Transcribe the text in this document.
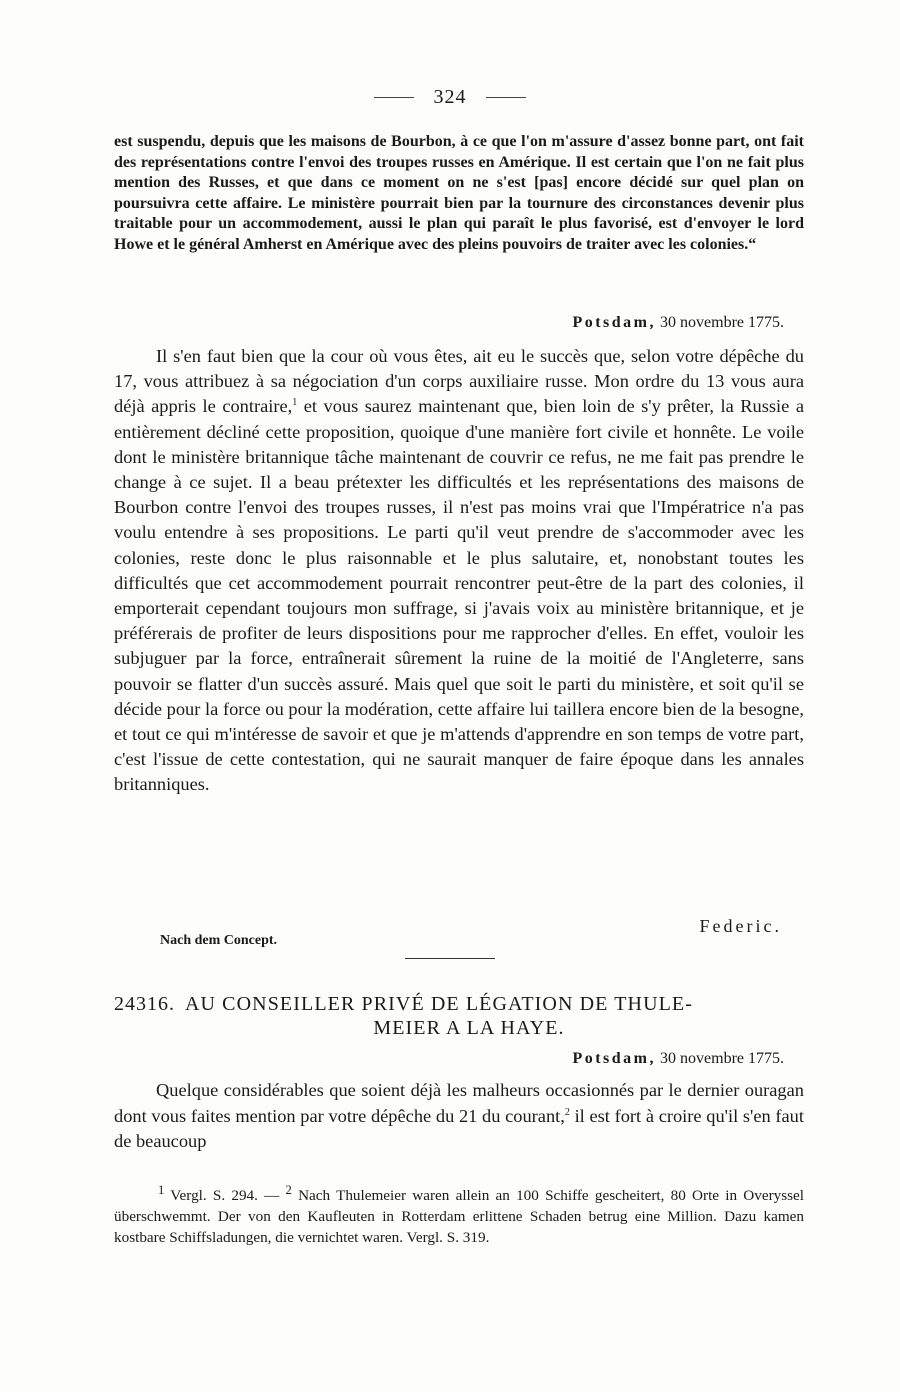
324
est suspendu, depuis que les maisons de Bourbon, à ce que l'on m'assure d'assez bonne part, ont fait des représentations contre l'envoi des troupes russes en Amérique. Il est certain que l'on ne fait plus mention des Russes, et que dans ce moment on ne s'est [pas] encore décidé sur quel plan on poursuivra cette affaire. Le ministère pourrait bien par la tournure des circonstances devenir plus traitable pour un accommodement, aussi le plan qui paraît le plus favorisé, est d'envoyer le lord Howe et le général Amherst en Amérique avec des pleins pouvoirs de traiter avec les colonies.“
Potsdam, 30 novembre 1775.

Il s'en faut bien que la cour où vous êtes, ait eu le succès que, selon votre dépêche du 17, vous attribuez à sa négociation d'un corps auxiliaire russe. Mon ordre du 13 vous aura déjà appris le contraire,$^1$ et vous saurez maintenant que, bien loin de s'y prêter, la Russie a entièrement décliné cette proposition, quoique d'une manière fort civile et honnête. Le voile dont le ministère britannique tâche maintenant de couvrir ce refus, ne me fait pas prendre le change à ce sujet. Il a beau prétexter les difficultés et les représentations des maisons de Bourbon contre l'envoi des troupes russes, il n'est pas moins vrai que l'Impératrice n'a pas voulu entendre à ses propositions. Le parti qu'il veut prendre de s'accommoder avec les colonies, reste donc le plus raisonnable et le plus salutaire, et, nonobstant toutes les difficultés que cet accommodement pourrait rencontrer peut-être de la part des colonies, il emporterait cependant toujours mon suffrage, si j'avais voix au ministère britannique, et je préférerais de profiter de leurs dispositions pour me rapprocher d'elles. En effet, vouloir les subjuguer par la force, entraînerait sûrement la ruine de la moitié de l'Angleterre, sans pouvoir se flatter d'un succès assuré. Mais quel que soit le parti du ministère, et soit qu'il se décide pour la force ou pour la modération, cette affaire lui taillera encore bien de la besogne, et tout ce qui m'intéresse de savoir et que je m'attends d'apprendre en son temps de votre part, c'est l'issue de cette contestation, qui ne saurait manquer de faire époque dans les annales britanniques.

Federic.
Nach dem Concept.
24316. AU CONSEILLER PRIVÉ DE LÉGATION DE THULE-
MEIER A LA HAYE.
Potsdam, 30 novembre 1775.

Quelque considérables que soient déjà les malheurs occasionnés par le dernier ouragan dont vous faites mention par votre dépêche du 21 du courant,$^2$ il est fort à croire qu'il s'en faut de beaucoup

$^1$ Vergl. S. 294. — $^2$ Nach Thulemeier waren allein an 100 Schiffe gescheitert, 80 Orte in Overyssel überschwemmt. Der von den Kaufleuten in Rotterdam erlittene Schaden betrug eine Million. Dazu kamen kostbare Schiffsladungen, die vernichtet waren. Vergl. S. 319.
